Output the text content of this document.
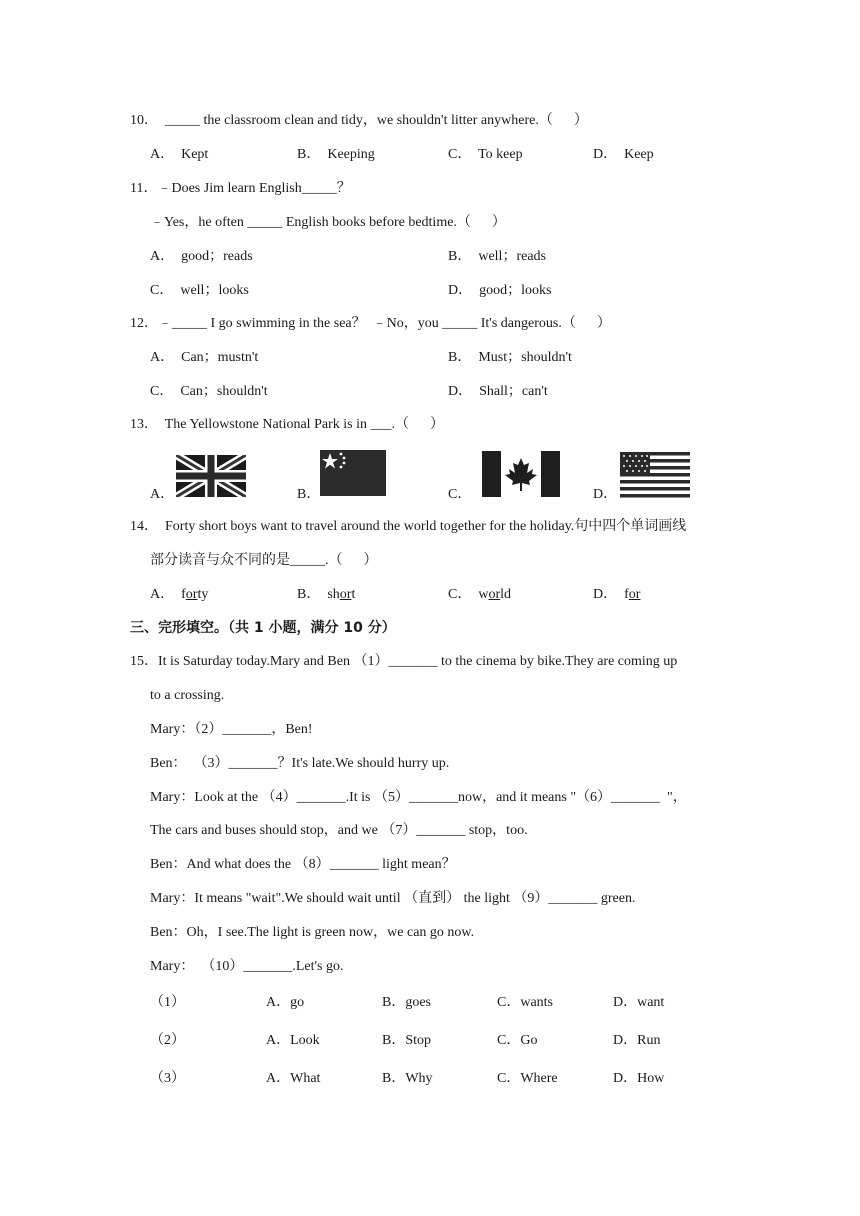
10．  _____ the classroom clean and tidy，we shouldn't litter anywhere.（      ）
A．  Kept	B．  Keeping	C．  To keep	D．  Keep
11．﹣Does Jim learn English_____？
﹣Yes，he often _____ English books before bedtime.（      ）
A．  good；reads	B．  well；reads
C．  well；looks	D．  good；looks
12．﹣_____ I go swimming in the sea？  ﹣No，you _____ It's dangerous.（      ）
A．  Can；mustn't	B．  Must；shouldn't
C．  Can；shouldn't	D．  Shall；can't
13．  The Yellowstone National Park is in ___.（      ）
A．	B．	C．	D．
14．  Forty short boys want to travel around the world together for the holiday.句中四个单词画线
部分读音与众不同的是_____.（      ）
A． forty	B． short	C． world	D． for
三、完形填空。（共 1 小题，满分 10 分）
15．It is Saturday today.Mary and Ben （1）_______ to the cinema by bike.They are coming up
to a crossing.
Mary：（2）_______，Ben!
Ben：  （3）_______？It's late.We should hurry up.
Mary：Look at the （4）_______.It is （5）_______now，and it means "（6）_______  "，
The cars and buses should stop，and we （7）_______ stop，too.
Ben：And what does the （8）_______ light mean？
Mary：It means "wait".We should wait until （直到） the light （9）_______ green.
Ben：Oh，I see.The light is green now，we can go now.
Mary：  （10）_______.Let's go.
（1）	A．go	B．goes	C．wants	D．want
（2）	A．Look	B．Stop	C．Go	D．Run
（3）	A．What	B．Why	C．Where	D．How
